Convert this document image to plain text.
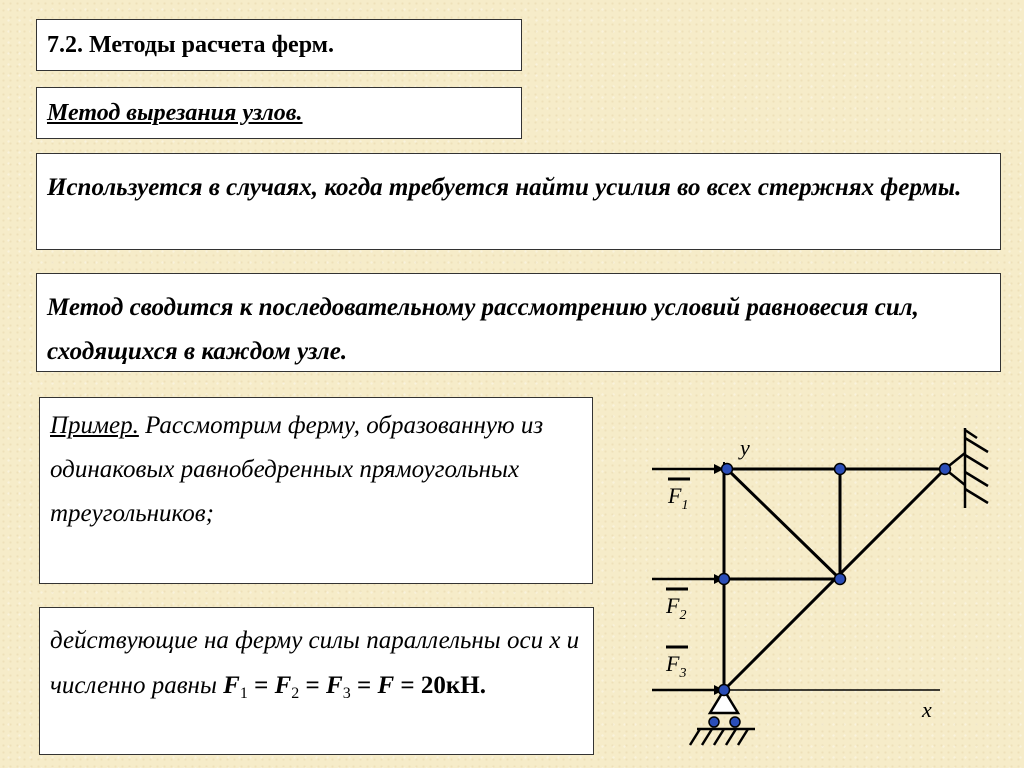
7.2. Методы расчета ферм.
Метод вырезания узлов.
Используется в случаях, когда требуется найти усилия во всех стержнях фермы.
Метод сводится к последовательному рассмотрению условий равновесия сил, сходящихся в каждом узле.
Пример. Рассмотрим ферму, образованную из одинаковых равнобедренных прямоугольных треугольников;
действующие на ферму силы параллельны оси x и численно равны $F_1 = F_2 = F_3 = F = 20кН$.
$F_1$
$F_2$
$F_3$
y
x
